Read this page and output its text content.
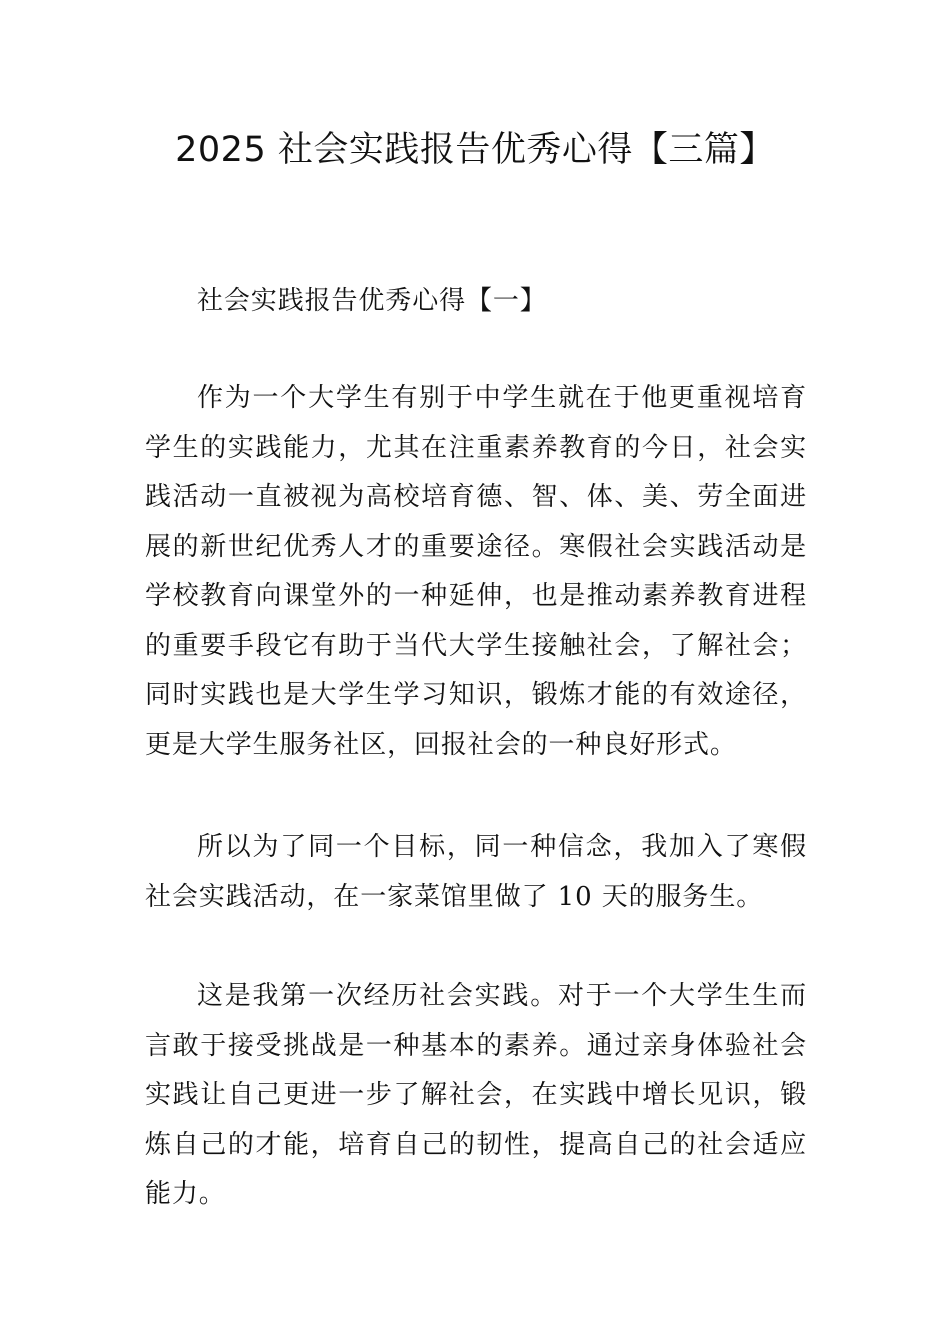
2025 社会实践报告优秀心得【三篇】

社会实践报告优秀心得【一】

作为一个大学生有别于中学生就在于他更重视培育学生的实践能力，尤其在注重素养教育的今日，社会实践活动一直被视为高校培育德、智、体、美、劳全面进展的新世纪优秀人才的重要途径。寒假社会实践活动是学校教育向课堂外的一种延伸，也是推动素养教育进程的重要手段它有助于当代大学生接触社会，了解社会；同时实践也是大学生学习知识，锻炼才能的有效途径，更是大学生服务社区，回报社会的一种良好形式。

所以为了同一个目标，同一种信念，我加入了寒假社会实践活动，在一家菜馆里做了 10 天的服务生。

这是我第一次经历社会实践。对于一个大学生生而言敢于接受挑战是一种基本的素养。通过亲身体验社会实践让自己更进一步了解社会，在实践中增长见识，锻炼自己的才能，培育自己的韧性，提高自己的社会适应能力。
